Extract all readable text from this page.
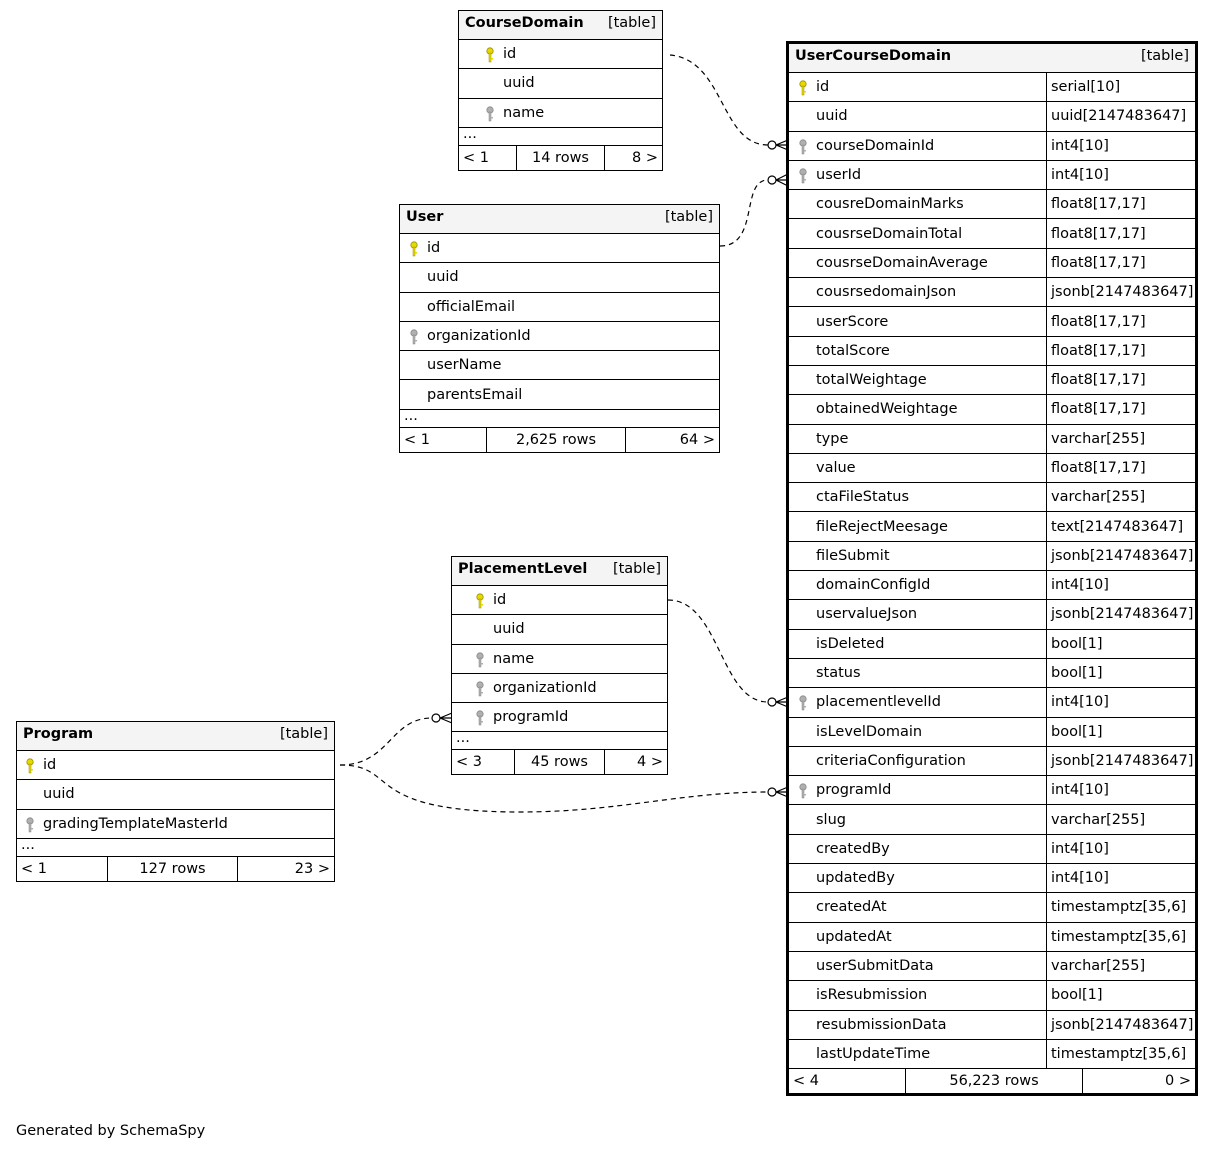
CourseDomain [table]
id
uuid
name
...
< 1	14 rows	8 >
User	[table]
id
uuid
officialEmail
organizationId
userName
parentsEmail
...
< 1	2,625 rows	64 >
PlacementLevel [table]
id
uuid
name
organizationId
programId
...
< 3	45 rows	4 >
Program	[table]
id
uuid
gradingTemplateMasterId
...
< 1	127 rows	23 >
UserCourseDomain	[table]
id	serial[10]
uuid	uuid[2147483647]
courseDomainId	int4[10]
userId	int4[10]
cousreDomainMarks	float8[17,17]
cousrseDomainTotal	float8[17,17]
cousrseDomainAverage	float8[17,17]
cousrsedomainJson	jsonb[2147483647]
userScore	float8[17,17]
totalScore	float8[17,17]
totalWeightage	float8[17,17]
obtainedWeightage	float8[17,17]
type	varchar[255]
value	float8[17,17]
ctaFileStatus	varchar[255]
fileRejectMeesage	text[2147483647]
fileSubmit	jsonb[2147483647]
domainConfigId	int4[10]
uservalueJson	jsonb[2147483647]
isDeleted	bool[1]
status	bool[1]
placementlevelId	int4[10]
isLevelDomain	bool[1]
criteriaConfiguration	jsonb[2147483647]
programId	int4[10]
slug	varchar[255]
createdBy	int4[10]
updatedBy	int4[10]
createdAt	timestamptz[35,6]
updatedAt	timestamptz[35,6]
userSubmitData	varchar[255]
isResubmission	bool[1]
resubmissionData	jsonb[2147483647]
lastUpdateTime	timestamptz[35,6]
< 4	56,223 rows	0 >
Generated by SchemaSpy
